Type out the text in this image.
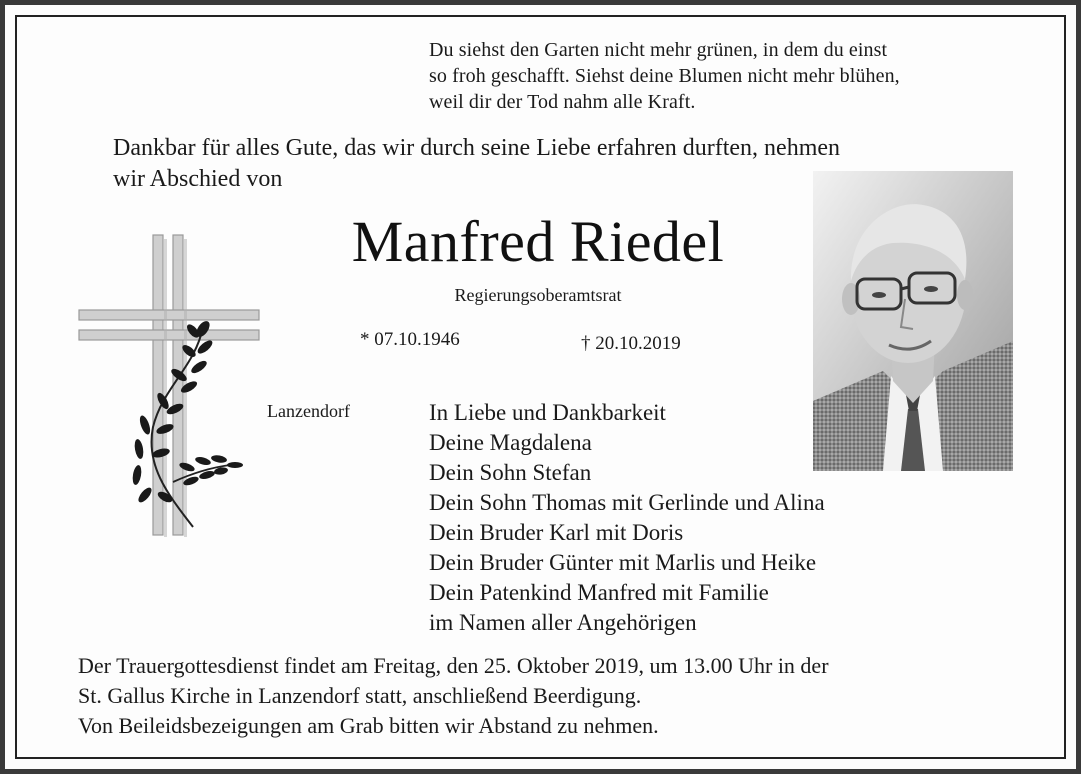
Du siehst den Garten nicht mehr grünen, in dem du einst
so froh geschafft. Siehst deine Blumen nicht mehr blühen,
weil dir der Tod nahm alle Kraft.
Dankbar für alles Gute, das wir durch seine Liebe erfahren durften, nehmen
wir Abschied von
Manfred Riedel
Regierungsoberamtsrat
* 07.10.1946	† 20.10.2019
Lanzendorf	In Liebe und Dankbarkeit
Deine Magdalena
Dein Sohn Stefan
Dein Sohn Thomas mit Gerlinde und Alina
Dein Bruder Karl mit Doris
Dein Bruder Günter mit Marlis und Heike
Dein Patenkind Manfred mit Familie
im Namen aller Angehörigen
Der Trauergottesdienst findet am Freitag, den 25. Oktober 2019, um 13.00 Uhr in der
St. Gallus Kirche in Lanzendorf statt, anschließend Beerdigung.
Von Beileidsbezeigungen am Grab bitten wir Abstand zu nehmen.
